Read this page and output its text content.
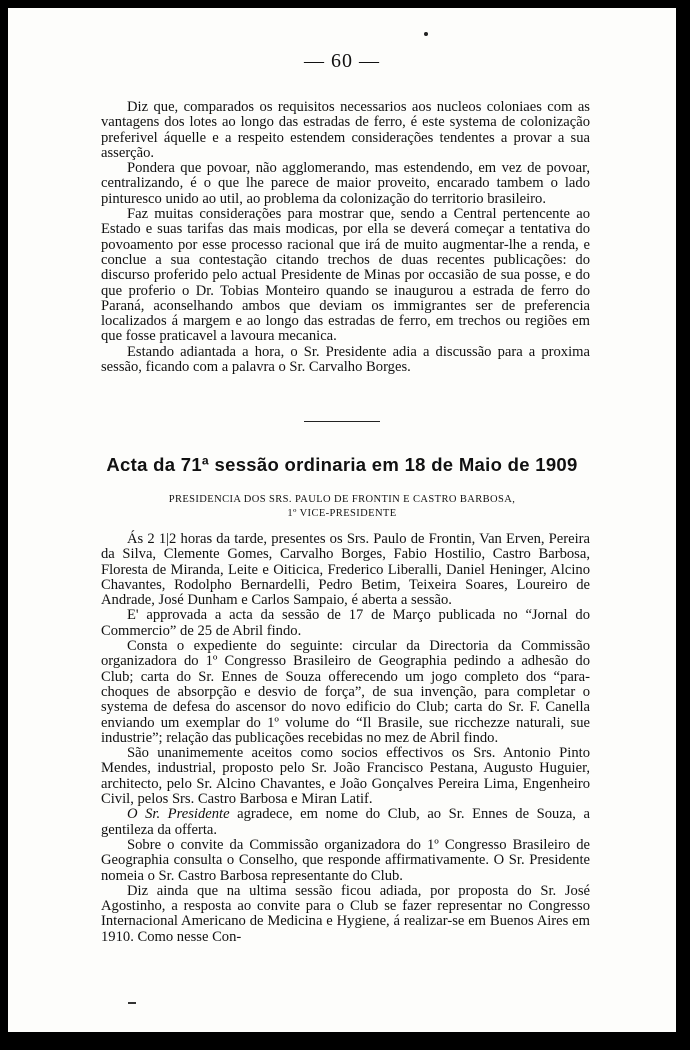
— 60 —

Diz que, comparados os requisitos necessarios aos nucleos coloniaes com as vantagens dos lotes ao longo das estradas de ferro, é este systema de colonização preferivel áquelle e a respeito estendem considerações tendentes a provar a sua asserção.

Pondera que povoar, não agglomerando, mas estendendo, em vez de povoar, centralizando, é o que lhe parece de maior proveito, encarado tambem o lado pinturesco unido ao util, ao problema da colonização do territorio brasileiro.

Faz muitas considerações para mostrar que, sendo a Central pertencente ao Estado e suas tarifas das mais modicas, por ella se deverá começar a tentativa do povoamento por esse processo racional que irá de muito augmentar-lhe a renda, e conclue a sua contestação citando trechos de duas recentes publicações: do discurso proferido pelo actual Presidente de Minas por occasião de sua posse, e do que proferio o Dr. Tobias Monteiro quando se inaugurou a estrada de ferro do Paraná, aconselhando ambos que deviam os immigrantes ser de preferencia localizados á margem e ao longo das estradas de ferro, em trechos ou regiões em que fosse praticavel a lavoura mecanica.

Estando adiantada a hora, o Sr. Presidente adia a discussão para a proxima sessão, ficando com a palavra o Sr. Carvalho Borges.

Acta da 71ª sessão ordinaria em 18 de Maio de 1909
PRESIDENCIA DOS SRS. PAULO DE FRONTIN E CASTRO BARBOSA,
1º VICE-PRESIDENTE

Ás 2 1|2 horas da tarde, presentes os Srs. Paulo de Frontin, Van Erven, Pereira da Silva, Clemente Gomes, Carvalho Borges, Fabio Hostilio, Castro Barbosa, Floresta de Miranda, Leite e Oiticica, Frederico Liberalli, Daniel Heninger, Alcino Chavantes, Rodolpho Bernardelli, Pedro Betim, Teixeira Soares, Loureiro de Andrade, José Dunham e Carlos Sampaio, é aberta a sessão.

E' approvada a acta da sessão de 17 de Março publicada no “Jornal do Commercio” de 25 de Abril findo.

Consta o expediente do seguinte: circular da Directoria da Commissão organizadora do 1º Congresso Brasileiro de Geographia pedindo a adhesão do Club; carta do Sr. Ennes de Souza offerecendo um jogo completo dos “para-choques de absorpção e desvio de força”, de sua invenção, para completar o systema de defesa do ascensor do novo edificio do Club; carta do Sr. F. Canella enviando um exemplar do 1º volume do “Il Brasile, sue ricchezze naturali, sue industrie”; relação das publicações recebidas no mez de Abril findo.

São unanimemente aceitos como socios effectivos os Srs. Antonio Pinto Mendes, industrial, proposto pelo Sr. João Francisco Pestana, Augusto Huguier, architecto, pelo Sr. Alcino Chavantes, e João Gonçalves Pereira Lima, Engenheiro Civil, pelos Srs. Castro Barbosa e Miran Latif.

O Sr. Presidente agradece, em nome do Club, ao Sr. Ennes de Souza, a gentileza da offerta.

Sobre o convite da Commissão organizadora do 1º Congresso Brasileiro de Geographia consulta o Conselho, que responde affirmativamente. O Sr. Presidente nomeia o Sr. Castro Barbosa representante do Club.

Diz ainda que na ultima sessão ficou adiada, por proposta do Sr. José Agostinho, a resposta ao convite para o Club se fazer representar no Congresso Internacional Americano de Medicina e Hygiene, á realizar-se em Buenos Aires em 1910. Como nesse Con-
